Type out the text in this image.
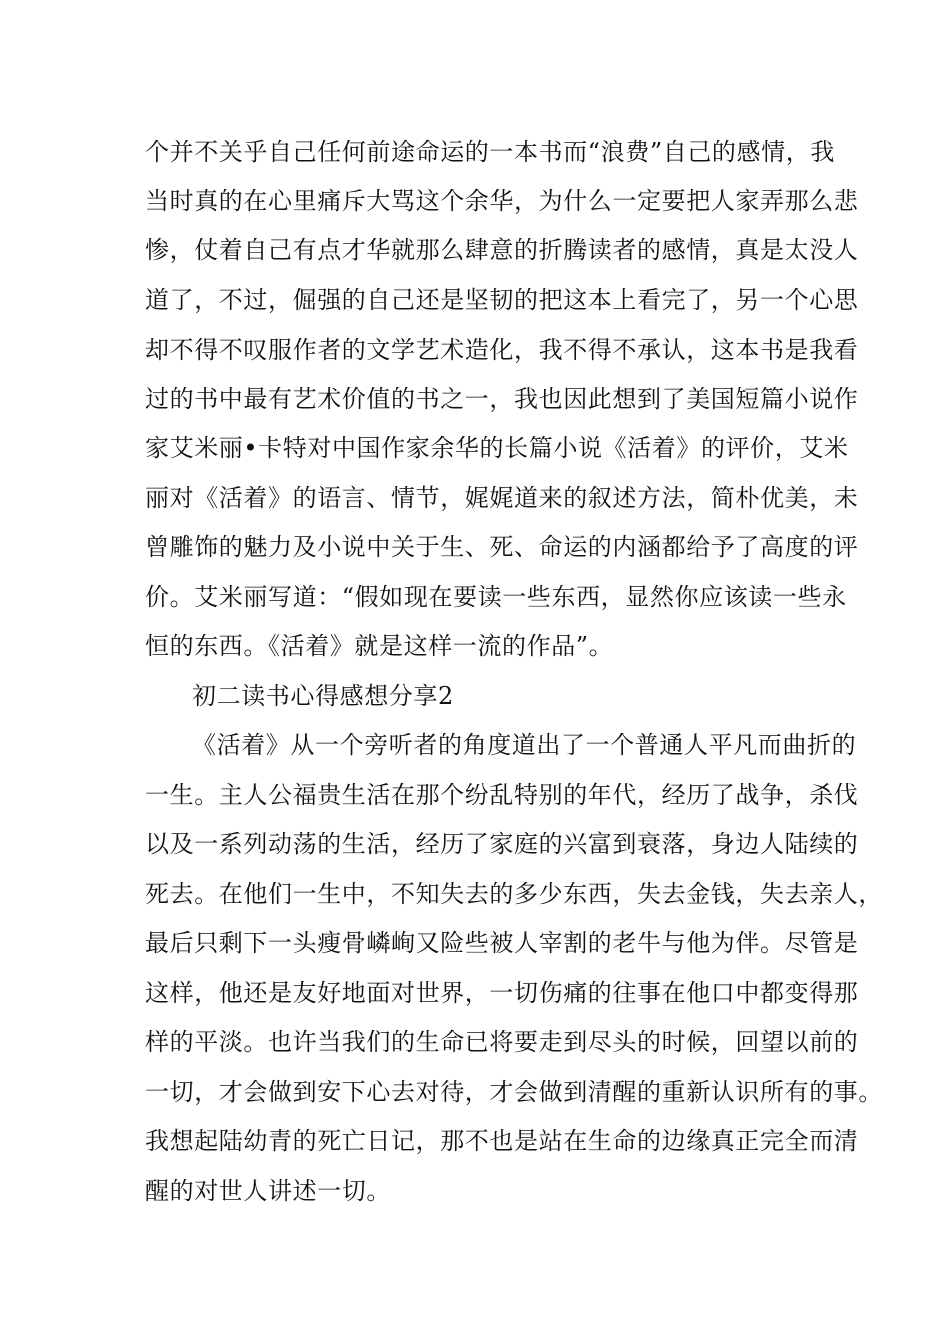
个并不关乎自己任何前途命运的一本书而“浪费”自己的感情，我
当时真的在心里痛斥大骂这个余华，为什么一定要把人家弄那么悲
惨，仗着自己有点才华就那么肆意的折腾读者的感情，真是太没人
道了，不过，倔强的自己还是坚韧的把这本上看完了，另一个心思
却不得不叹服作者的文学艺术造化，我不得不承认，这本书是我看
过的书中最有艺术价值的书之一，我也因此想到了美国短篇小说作
家艾米丽•卡特对中国作家余华的长篇小说《活着》的评价，艾米
丽对《活着》的语言、情节，娓娓道来的叙述方法，简朴优美，未
曾雕饰的魅力及小说中关于生、死、命运的内涵都给予了高度的评
价。艾米丽写道：“假如现在要读一些东西，显然你应该读一些永
恒的东西。《活着》就是这样一流的作品”。
初二读书心得感想分享2
《活着》从一个旁听者的角度道出了一个普通人平凡而曲折的
一生。主人公福贵生活在那个纷乱特别的年代，经历了战争，杀伐
以及一系列动荡的生活，经历了家庭的兴富到衰落，身边人陆续的
死去。在他们一生中，不知失去的多少东西，失去金钱，失去亲人，
最后只剩下一头瘦骨嶙峋又险些被人宰割的老牛与他为伴。尽管是
这样，他还是友好地面对世界，一切伤痛的往事在他口中都变得那
样的平淡。也许当我们的生命已将要走到尽头的时候，回望以前的
一切，才会做到安下心去对待，才会做到清醒的重新认识所有的事。
我想起陆幼青的死亡日记，那不也是站在生命的边缘真正完全而清
醒的对世人讲述一切。
